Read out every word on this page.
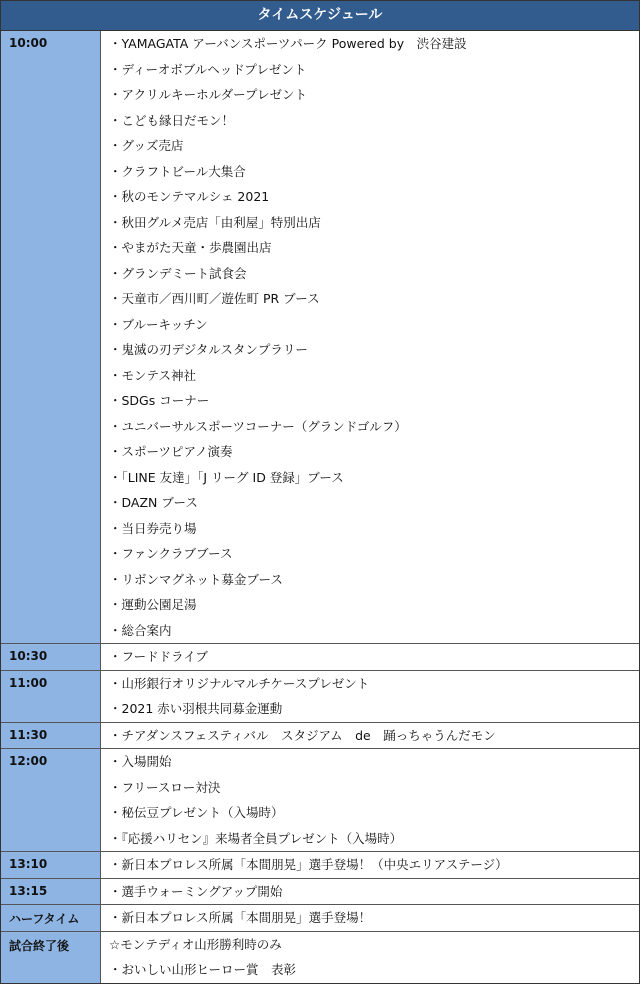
タイムスケジュール
10:00	・YAMAGATA アーバンスポーツパーク Powered by　渋谷建設
・ディーオボブルヘッドプレゼント
・アクリルキーホルダープレゼント
・こども縁日だモン！
・グッズ売店
・クラフトビール大集合
・秋のモンテマルシェ 2021
・秋田グルメ売店「由利屋」特別出店
・やまがた天童・歩農園出店
・グランデミート試食会
・天童市／西川町／遊佐町 PR ブース
・ブルーキッチン
・鬼滅の刃デジタルスタンプラリー
・モンテス神社
・SDGs コーナー
・ユニバーサルスポーツコーナー（グランドゴルフ）
・スポーツピアノ演奏
・「LINE 友達」「J リーグ ID 登録」ブース
・DAZN ブース
・当日券売り場
・ファンクラブブース
・リボンマグネット募金ブース
・運動公園足湯
・総合案内
10:30	・フードドライブ
11:00	・山形銀行オリジナルマルチケースプレゼント
・2021 赤い羽根共同募金運動
11:30	・チアダンスフェスティバル　スタジアム　de　踊っちゃうんだモン
12:00	・入場開始
・フリースロー対決
・秘伝豆プレゼント（入場時）
・『応援ハリセン』来場者全員プレゼント（入場時）
13:10	・新日本プロレス所属「本間朋晃」選手登場！（中央エリアステージ）
13:15	・選手ウォーミングアップ開始
ハーフタイム	・新日本プロレス所属「本間朋晃」選手登場！
試合終了後	☆モンテディオ山形勝利時のみ
・おいしい山形ヒーロー賞　表彰
